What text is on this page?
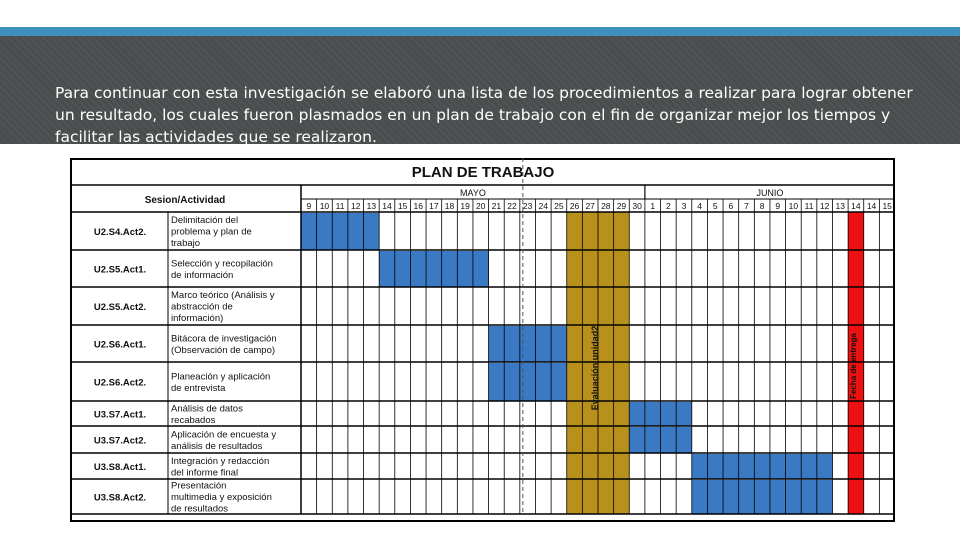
Para continuar con esta investigación se elaboró una lista de los procedimientos a realizar para lograr obtener un resultado, los cuales fueron plasmados en un plan de trabajo con el fin de organizar mejor los tiempos y facilitar las actividades que se realizaron.

PLAN DE TRABAJO
Sesion/Actividad
MAYO	JUNIO
9 10 11 12 13 14 15 16 17 18 19 20 21 22 23 24 25 26 27 28 29 30 1 2 3 4 5 6 7 8 9 10 11 12 13 14 14 15
U2.S4.Act2.
Delimitación del
problema y plan de
trabajo
U2.S5.Act1.
Selección y recopilación
de información
U2.S5.Act2.
Marco teórico (Análisis y
abstracción de
información)
U2.S6.Act1.
Bitácora de investigación
(Observación de campo)
U2.S6.Act2.
Planeación y aplicación
de entrevista
U3.S7.Act1.
Análisis de datos
recabados
U3.S7.Act2.
Aplicación de encuesta y
análisis de resultados
U3.S8.Act1.
Integración y redacción
del informe final
U3.S8.Act2.
Presentación
multimedia y exposición
de resultados
Evaluación unidad2	Fecha de entrega
